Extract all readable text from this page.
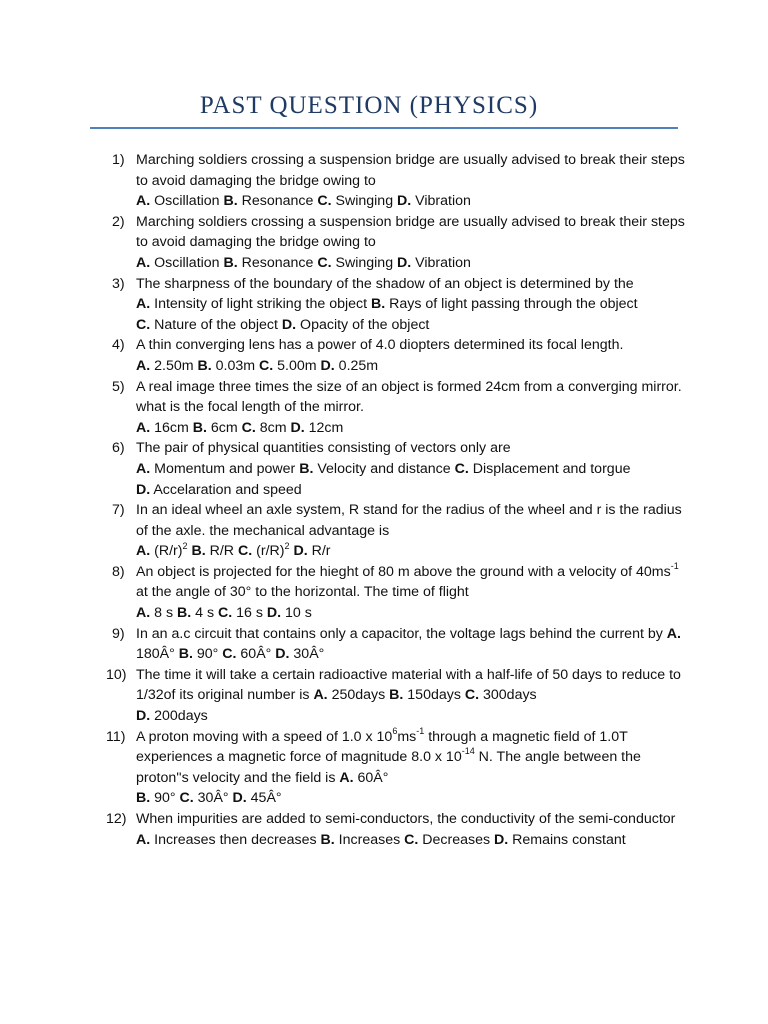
PAST QUESTION (PHYSICS)
1) Marching soldiers crossing a suspension bridge are usually advised to break their steps to avoid damaging the bridge owing to
A. Oscillation B. Resonance C. Swinging D. Vibration
2) Marching soldiers crossing a suspension bridge are usually advised to break their steps to avoid damaging the bridge owing to
A. Oscillation B. Resonance C. Swinging D. Vibration
3) The sharpness of the boundary of the shadow of an object is determined by the
A. Intensity of light striking the object B. Rays of light passing through the object
C. Nature of the object D. Opacity of the object
4) A thin converging lens has a power of 4.0 diopters determined its focal length.
A. 2.50m B. 0.03m C. 5.00m D. 0.25m
5) A real image three times the size of an object is formed 24cm from a converging mirror. what is the focal length of the mirror.
A. 16cm B. 6cm C. 8cm D. 12cm
6) The pair of physical quantities consisting of vectors only are
A. Momentum and power B. Velocity and distance C. Displacement and torgue
D. Accelaration and speed
7) In an ideal wheel an axle system, R stand for the radius of the wheel and r is the radius of the axle. the mechanical advantage is
A. $(R/r)^2$ B. R/R C. $(r/R)^2$ D. R/r
8) An object is projected for the hieght of 80 m above the ground with a velocity of $40ms^{-1}$ at the angle of 30° to the horizontal. The time of flight
A. 8 s B. 4 s C. 16 s D. 10 s
9) In an a.c circuit that contains only a capacitor, the voltage lags behind the current by A. 180Â° B. 90° C. 60Â° D. 30Â°
10) The time it will take a certain radioactive material with a half-life of 50 days to reduce to 1/32of its original number is A. 250days B. 150days C. 300days
D. 200days
11) A proton moving with a speed of 1.0 x $10^6ms^{-1}$ through a magnetic field of 1.0T experiences a magnetic force of magnitude 8.0 x $10^{-14}$ N. The angle between the proton''s velocity and the field is A. 60Â°
B. 90° C. 30Â° D. 45Â°
12) When impurities are added to semi-conductors, the conductivity of the semi-conductor A. Increases then decreases B. Increases C. Decreases D. Remains constant
